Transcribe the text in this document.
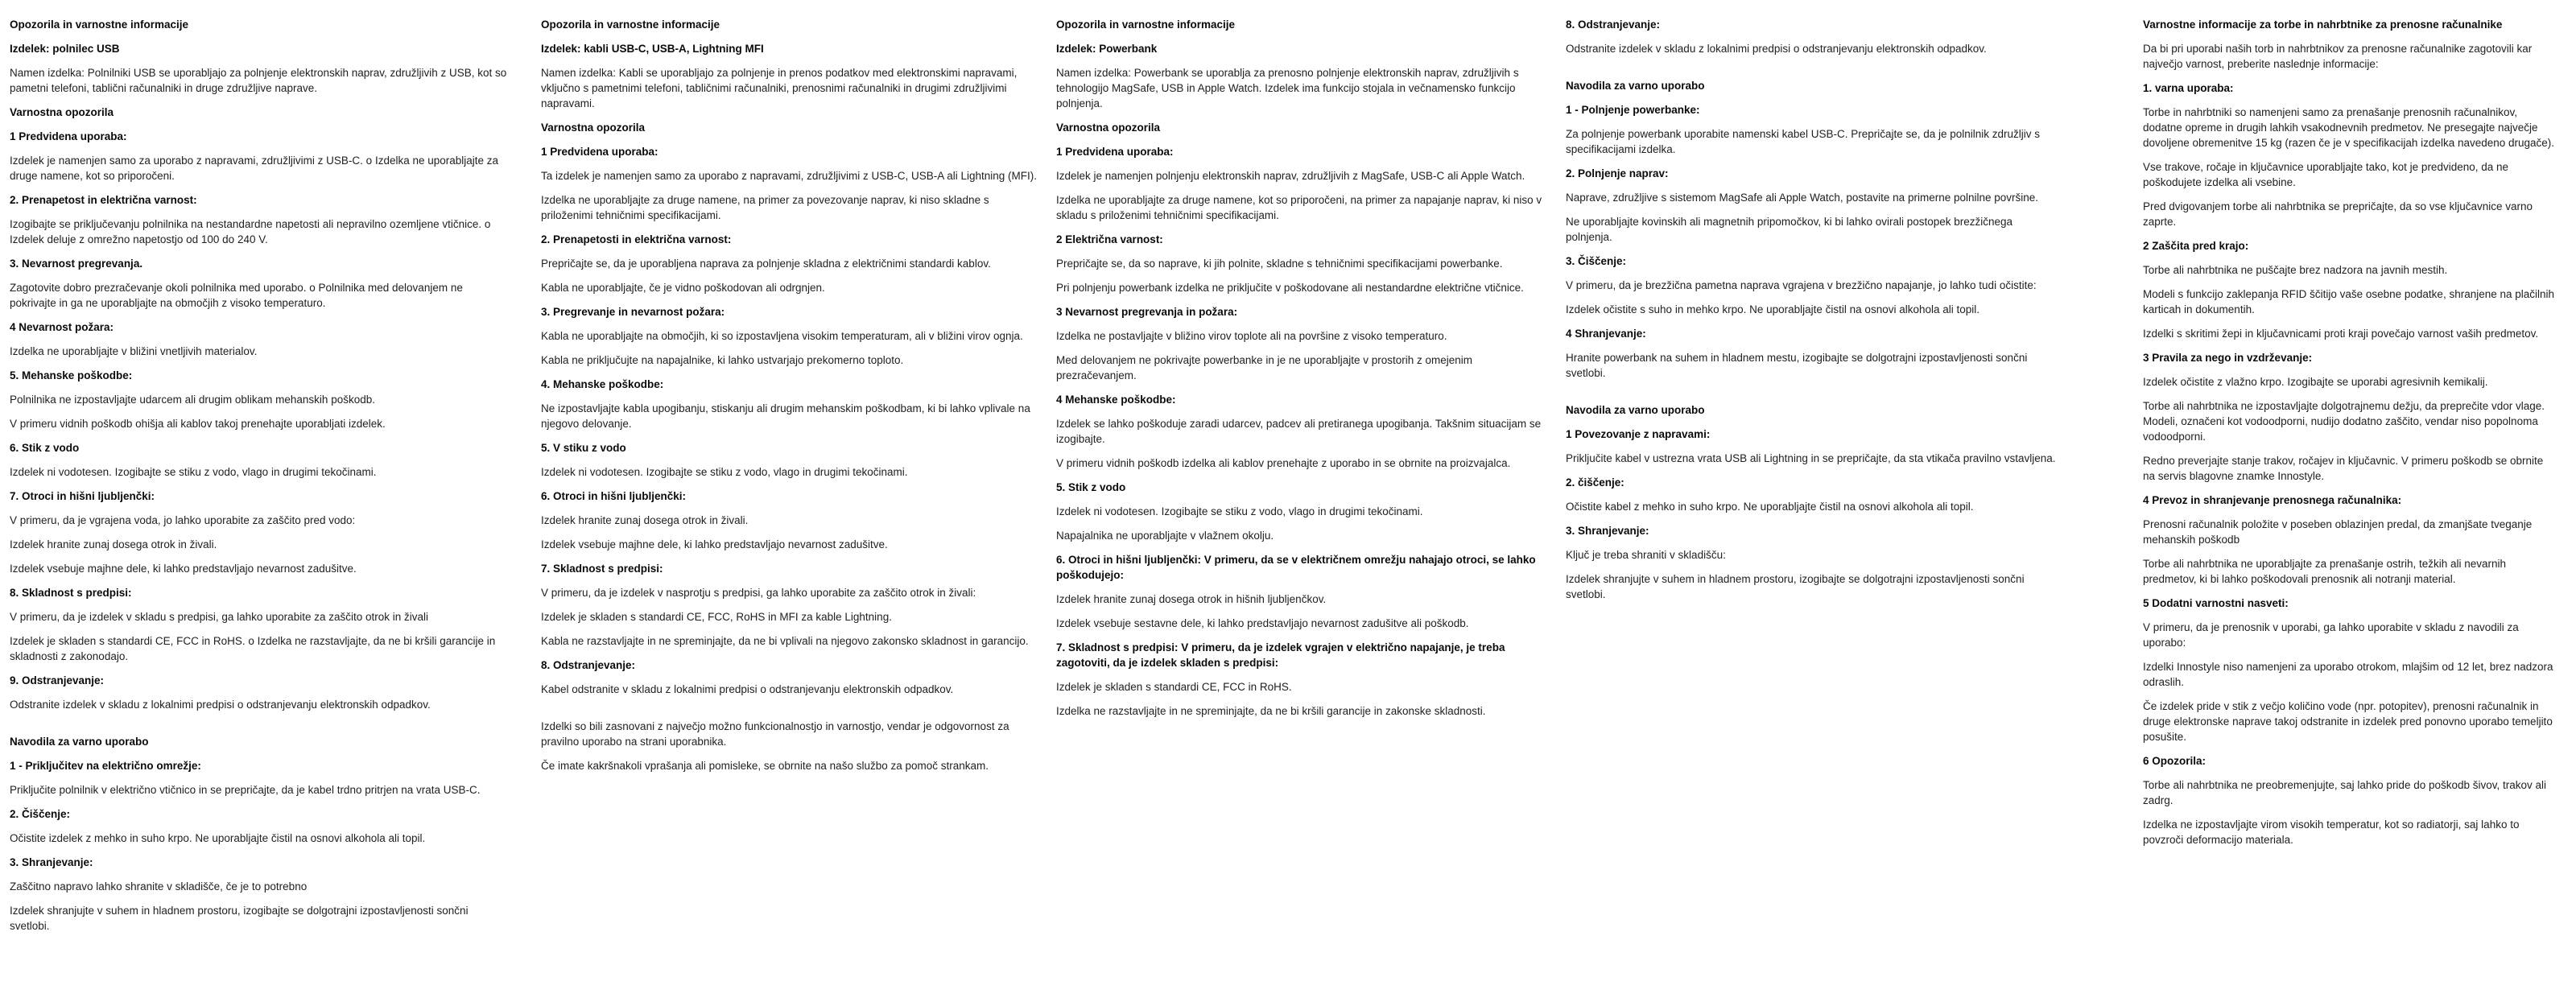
Opozorila in varnostne informacije
Izdelek: polnilec USB
Namen izdelka: Polnilniki USB se uporabljajo za polnjenje elektronskih naprav, združljivih z USB, kot so pametni telefoni, tablični računalniki in druge združljive naprave.
Varnostna opozorila
1 Predvidena uporaba:
Izdelek je namenjen samo za uporabo z napravami, združljivimi z USB-C. o Izdelka ne uporabljajte za druge namene, kot so priporočeni.
2. Prenapetost in električna varnost:
Izogibajte se priključevanju polnilnika na nestandardne napetosti ali nepravilno ozemljene vtičnice. o Izdelek deluje z omrežno napetostjo od 100 do 240 V.
3. Nevarnost pregrevanja.
Zagotovite dobro prezračevanje okoli polnilnika med uporabo. o Polnilnika med delovanjem ne pokrivajte in ga ne uporabljajte na območjih z visoko temperaturo.
4 Nevarnost požara:
Izdelka ne uporabljajte v bližini vnetljivih materialov.
5. Mehanske poškodbe:
Polnilnika ne izpostavljajte udarcem ali drugim oblikam mehanskih poškodb.
V primeru vidnih poškodb ohišja ali kablov takoj prenehajte uporabljati izdelek.
6. Stik z vodo
Izdelek ni vodotesen. Izogibajte se stiku z vodo, vlago in drugimi tekočinami.
7. Otroci in hišni ljubljenčki:
V primeru, da je vgrajena voda, jo lahko uporabite za zaščito pred vodo:
Izdelek hranite zunaj dosega otrok in živali.
Izdelek vsebuje majhne dele, ki lahko predstavljajo nevarnost zadušitve.
8. Skladnost s predpisi:
V primeru, da je izdelek v skladu s predpisi, ga lahko uporabite za zaščito otrok in živali
Izdelek je skladen s standardi CE, FCC in RoHS. o Izdelka ne razstavljajte, da ne bi kršili garancije in skladnosti z zakonodajo.
9. Odstranjevanje:
Odstranite izdelek v skladu z lokalnimi predpisi o odstranjevanju elektronskih odpadkov.
Navodila za varno uporabo
1 - Priključitev na električno omrežje:
Priključite polnilnik v električno vtičnico in se prepričajte, da je kabel trdno pritrjen na vrata USB-C.
2. Čiščenje:
Očistite izdelek z mehko in suho krpo. Ne uporabljajte čistil na osnovi alkohola ali topil.
3. Shranjevanje:
Zaščitno napravo lahko shranite v skladišče, če je to potrebno
Izdelek shranjujte v suhem in hladnem prostoru, izogibajte se dolgotrajni izpostavljenosti sončni svetlobi.
Opozorila in varnostne informacije
Izdelek: kabli USB-C, USB-A, Lightning MFI
Namen izdelka: Kabli se uporabljajo za polnjenje in prenos podatkov med elektronskimi napravami, vključno s pametnimi telefoni, tabličnimi računalniki, prenosnimi računalniki in drugimi združljivimi napravami.
Varnostna opozorila
1 Predvidena uporaba:
Ta izdelek je namenjen samo za uporabo z napravami, združljivimi z USB-C, USB-A ali Lightning (MFI).
Izdelka ne uporabljajte za druge namene, na primer za povezovanje naprav, ki niso skladne s priloženimi tehničnimi specifikacijami.
2. Prenapetosti in električna varnost:
Prepričajte se, da je uporabljena naprava za polnjenje skladna z električnimi standardi kablov.
Kabla ne uporabljajte, če je vidno poškodovan ali odrgnjen.
3. Pregrevanje in nevarnost požara:
Kabla ne uporabljajte na območjih, ki so izpostavljena visokim temperaturam, ali v bližini virov ognja.
Kabla ne priključujte na napajalnike, ki lahko ustvarjajo prekomerno toploto.
4. Mehanske poškodbe:
Ne izpostavljajte kabla upogibanju, stiskanju ali drugim mehanskim poškodbam, ki bi lahko vplivale na njegovo delovanje.
5. V stiku z vodo
Izdelek ni vodotesen. Izogibajte se stiku z vodo, vlago in drugimi tekočinami.
6. Otroci in hišni ljubljenčki:
Izdelek hranite zunaj dosega otrok in živali.
Izdelek vsebuje majhne dele, ki lahko predstavljajo nevarnost zadušitve.
7. Skladnost s predpisi:
V primeru, da je izdelek v nasprotju s predpisi, ga lahko uporabite za zaščito otrok in živali:
Izdelek je skladen s standardi CE, FCC, RoHS in MFI za kable Lightning.
Kabla ne razstavljajte in ne spreminjajte, da ne bi vplivali na njegovo zakonsko skladnost in garancijo.
8. Odstranjevanje:
Kabel odstranite v skladu z lokalnimi predpisi o odstranjevanju elektronskih odpadkov.
Izdelki so bili zasnovani z največjo možno funkcionalnostjo in varnostjo, vendar je odgovornost za pravilno uporabo na strani uporabnika.
Če imate kakršnakoli vprašanja ali pomisleke, se obrnite na našo službo za pomoč strankam.
Opozorila in varnostne informacije
Izdelek: Powerbank
Namen izdelka: Powerbank se uporablja za prenosno polnjenje elektronskih naprav, združljivih s tehnologijo MagSafe, USB in Apple Watch. Izdelek ima funkcijo stojala in večnamensko funkcijo polnjenja.
Varnostna opozorila
1 Predvidena uporaba:
Izdelek je namenjen polnjenju elektronskih naprav, združljivih z MagSafe, USB-C ali Apple Watch.
Izdelka ne uporabljajte za druge namene, kot so priporočeni, na primer za napajanje naprav, ki niso v skladu s priloženimi tehničnimi specifikacijami.
2 Električna varnost:
Prepričajte se, da so naprave, ki jih polnite, skladne s tehničnimi specifikacijami powerbanke.
Pri polnjenju powerbank izdelka ne priključite v poškodovane ali nestandardne električne vtičnice.
3 Nevarnost pregrevanja in požara:
Izdelka ne postavljajte v bližino virov toplote ali na površine z visoko temperaturo.
Med delovanjem ne pokrivajte powerbanke in je ne uporabljajte v prostorih z omejenim prezračevanjem.
4 Mehanske poškodbe:
Izdelek se lahko poškoduje zaradi udarcev, padcev ali pretiranega upogibanja. Takšnim situacijam se izogibajte.
V primeru vidnih poškodb izdelka ali kablov prenehajte z uporabo in se obrnite na proizvajalca.
5. Stik z vodo
Izdelek ni vodotesen. Izogibajte se stiku z vodo, vlago in drugimi tekočinami.
Napajalnika ne uporabljajte v vlažnem okolju.
6. Otroci in hišni ljubljenčki: V primeru, da se v električnem omrežju nahajajo otroci, se lahko poškodujejo:
Izdelek hranite zunaj dosega otrok in hišnih ljubljenčkov.
Izdelek vsebuje sestavne dele, ki lahko predstavljajo nevarnost zadušitve ali poškodb.
7. Skladnost s predpisi: V primeru, da je izdelek vgrajen v električno napajanje, je treba zagotoviti, da je izdelek skladen s predpisi:
Izdelek je skladen s standardi CE, FCC in RoHS.
Izdelka ne razstavljajte in ne spreminjajte, da ne bi kršili garancije in zakonske skladnosti.
8. Odstranjevanje:
Odstranite izdelek v skladu z lokalnimi predpisi o odstranjevanju elektronskih odpadkov.
Navodila za varno uporabo
1 - Polnjenje powerbanke:
Za polnjenje powerbank uporabite namenski kabel USB-C. Prepričajte se, da je polnilnik združljiv s specifikacijami izdelka.
2. Polnjenje naprav:
Naprave, združljive s sistemom MagSafe ali Apple Watch, postavite na primerne polnilne površine.
Ne uporabljajte kovinskih ali magnetnih pripomočkov, ki bi lahko ovirali postopek brezžičnega polnjenja.
3. Čiščenje:
V primeru, da je brezžična pametna naprava vgrajena v brezžično napajanje, jo lahko tudi očistite:
Izdelek očistite s suho in mehko krpo. Ne uporabljajte čistil na osnovi alkohola ali topil.
4 Shranjevanje:
Hranite powerbank na suhem in hladnem mestu, izogibajte se dolgotrajni izpostavljenosti sončni svetlobi.
Navodila za varno uporabo
1 Povezovanje z napravami:
Priključite kabel v ustrezna vrata USB ali Lightning in se prepričajte, da sta vtikača pravilno vstavljena.
2. čiščenje:
Očistite kabel z mehko in suho krpo. Ne uporabljajte čistil na osnovi alkohola ali topil.
3. Shranjevanje:
Ključ je treba shraniti v skladišču:
Izdelek shranjujte v suhem in hladnem prostoru, izogibajte se dolgotrajni izpostavljenosti sončni svetlobi.
Varnostne informacije za torbe in nahrbtnike za prenosne računalnike
Da bi pri uporabi naših torb in nahrbtnikov za prenosne računalnike zagotovili kar največjo varnost, preberite naslednje informacije:
1. varna uporaba:
Torbe in nahrbtniki so namenjeni samo za prenašanje prenosnih računalnikov, dodatne opreme in drugih lahkih vsakodnevnih predmetov. Ne presegajte največje dovoljene obremenitve 15 kg (razen če je v specifikacijah izdelka navedeno drugače).
Vse trakove, ročaje in ključavnice uporabljajte tako, kot je predvideno, da ne poškodujete izdelka ali vsebine.
Pred dvigovanjem torbe ali nahrbtnika se prepričajte, da so vse ključavnice varno zaprte.
2 Zaščita pred krajo:
Torbe ali nahrbtnika ne puščajte brez nadzora na javnih mestih.
Modeli s funkcijo zaklepanja RFID ščitijo vaše osebne podatke, shranjene na plačilnih karticah in dokumentih.
Izdelki s skritimi žepi in ključavnicami proti kraji povečajo varnost vaših predmetov.
3 Pravila za nego in vzdrževanje:
Izdelek očistite z vlažno krpo. Izogibajte se uporabi agresivnih kemikalij.
Torbe ali nahrbtnika ne izpostavljajte dolgotrajnemu dežju, da preprečite vdor vlage. Modeli, označeni kot vodoodporni, nudijo dodatno zaščito, vendar niso popolnoma vodoodporni.
Redno preverjajte stanje trakov, ročajev in ključavnic. V primeru poškodb se obrnite na servis blagovne znamke Innostyle.
4 Prevoz in shranjevanje prenosnega računalnika:
Prenosni računalnik položite v poseben oblazinjen predal, da zmanjšate tveganje mehanskih poškodb
Torbe ali nahrbtnika ne uporabljajte za prenašanje ostrih, težkih ali nevarnih predmetov, ki bi lahko poškodovali prenosnik ali notranji material.
5 Dodatni varnostni nasveti:
V primeru, da je prenosnik v uporabi, ga lahko uporabite v skladu z navodili za uporabo:
Izdelki Innostyle niso namenjeni za uporabo otrokom, mlajšim od 12 let, brez nadzora odraslih.
Če izdelek pride v stik z večjo količino vode (npr. potopitev), prenosni računalnik in druge elektronske naprave takoj odstranite in izdelek pred ponovno uporabo temeljito posušite.
6 Opozorila:
Torbe ali nahrbtnika ne preobremenjujte, saj lahko pride do poškodb šivov, trakov ali zadrg.
Izdelka ne izpostavljajte virom visokih temperatur, kot so radiatorji, saj lahko to povzroči deformacijo materiala.
